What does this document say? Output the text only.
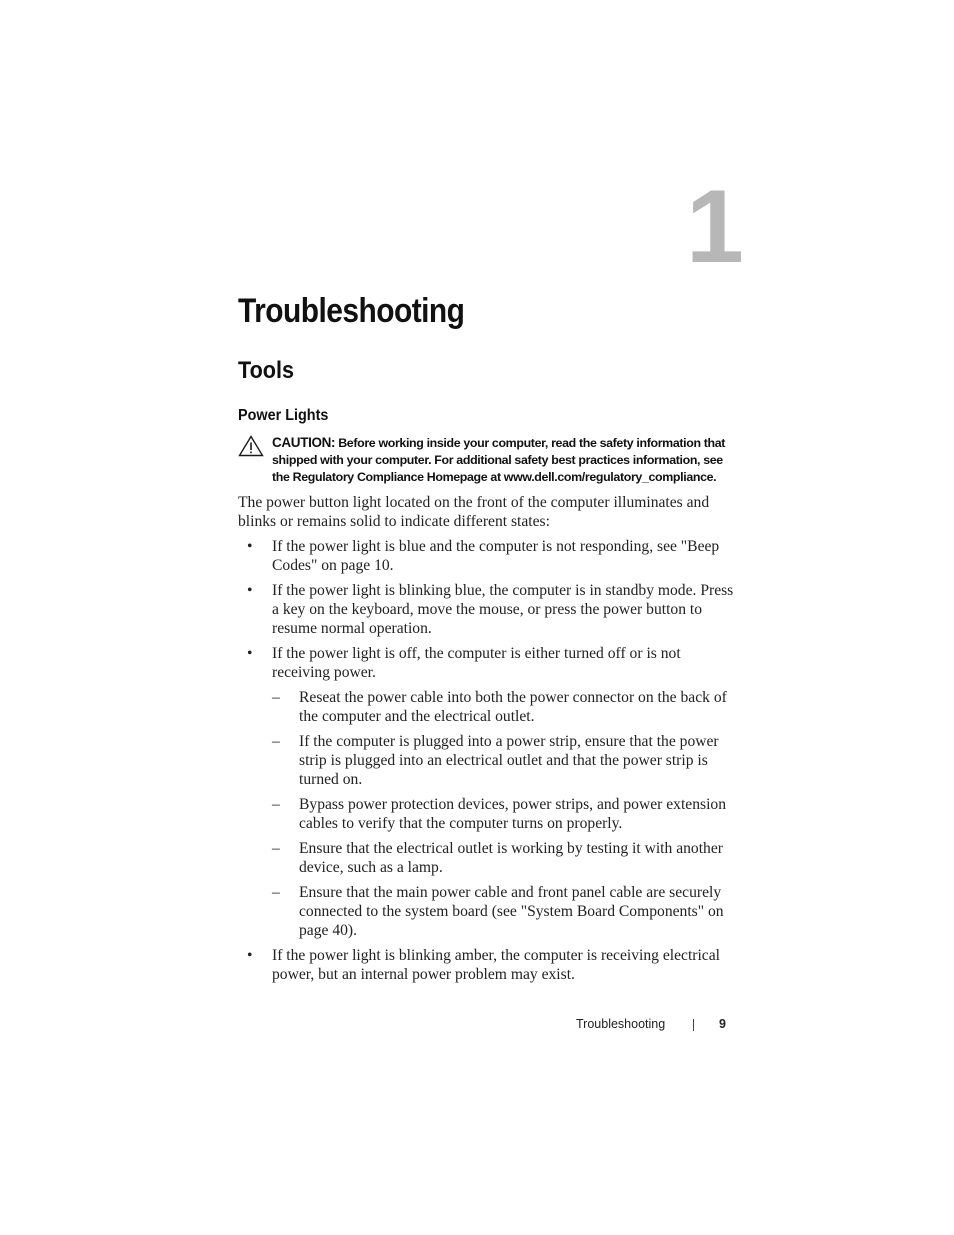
1
Troubleshooting
Tools
Power Lights
CAUTION: Before working inside your computer, read the safety information that shipped with your computer. For additional safety best practices information, see the Regulatory Compliance Homepage at www.dell.com/regulatory_compliance.

The power button light located on the front of the computer illuminates and blinks or remains solid to indicate different states:

• If the power light is blue and the computer is not responding, see "Beep Codes" on page 10.
• If the power light is blinking blue, the computer is in standby mode. Press a key on the keyboard, move the mouse, or press the power button to resume normal operation.
• If the power light is off, the computer is either turned off or is not receiving power.
– Reseat the power cable into both the power connector on the back of the computer and the electrical outlet.
– If the computer is plugged into a power strip, ensure that the power strip is plugged into an electrical outlet and that the power strip is turned on.
– Bypass power protection devices, power strips, and power extension cables to verify that the computer turns on properly.
– Ensure that the electrical outlet is working by testing it with another device, such as a lamp.
– Ensure that the main power cable and front panel cable are securely connected to the system board (see "System Board Components" on page 40).
• If the power light is blinking amber, the computer is receiving electrical power, but an internal power problem may exist.
Troubleshooting	9
